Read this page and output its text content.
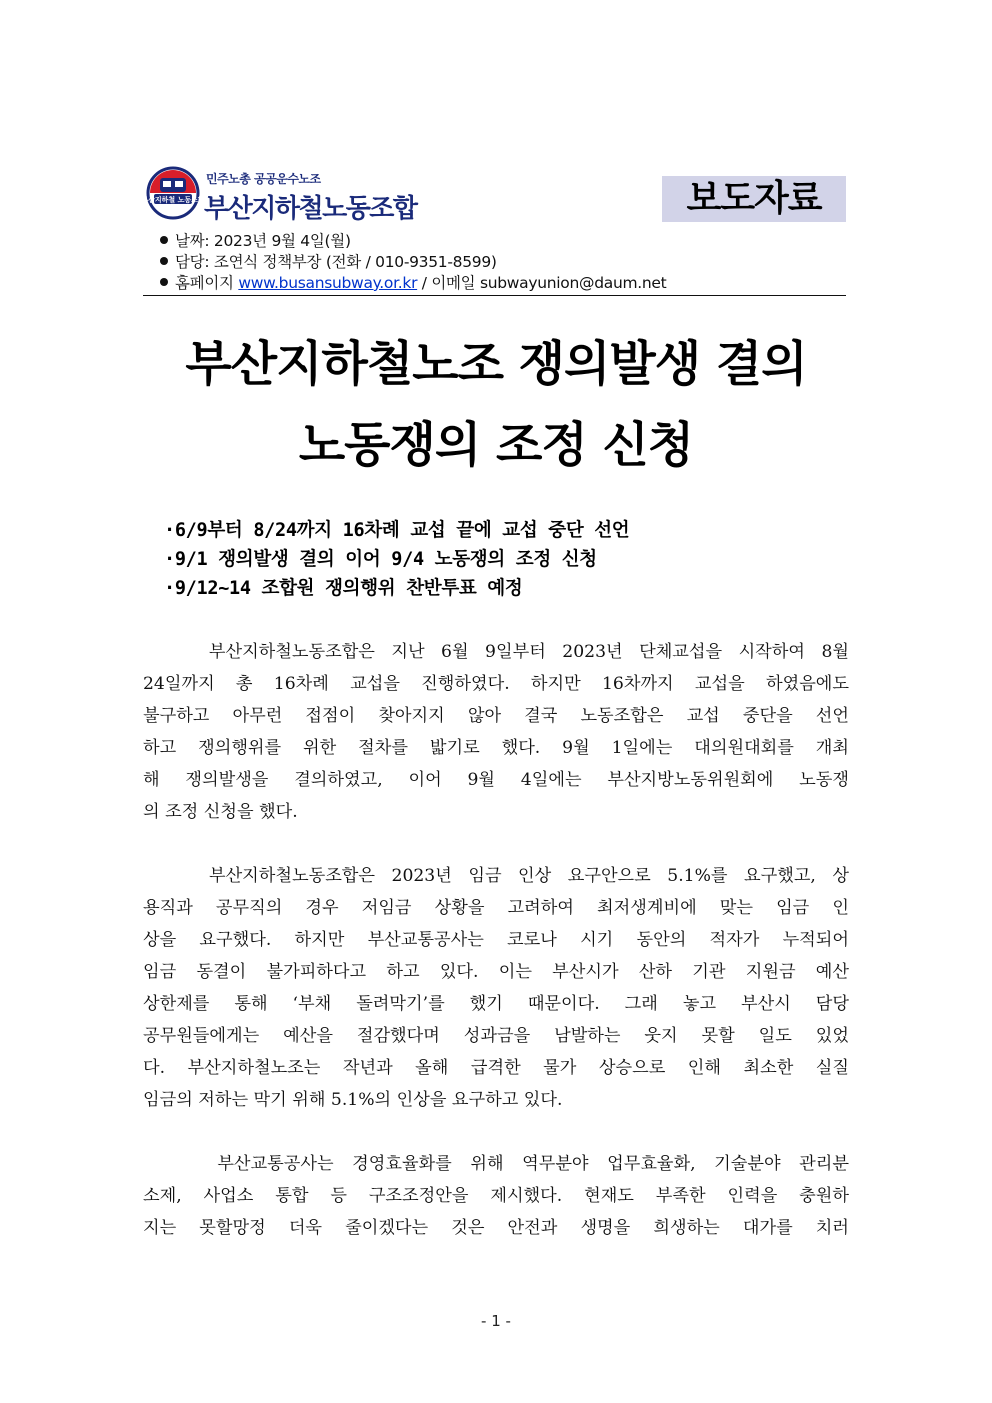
부산지하철 노동조합
민주노총 공공운수노조
부산지하철노동조합	보도자료
날짜: 2023년 9월 4일(월)
담당: 조연식 정책부장 (전화 / 010-9351-8599)
홈페이지 www.busansubway.or.kr / 이메일 subwayunion@daum.net
부산지하철노조 쟁의발생 결의
노동쟁의 조정 신청
·6/9부터 8/24까지 16차례 교섭 끝에 교섭 중단 선언
·9/1 쟁의발생 결의 이어 9/4 노동쟁의 조정 신청
·9/12~14 조합원 쟁의행위 찬반투표 예정
부산지하철노동조합은 지난 6월 9일부터 2023년 단체교섭을 시작하여 8월
24일까지 총 16차례 교섭을 진행하였다. 하지만 16차까지 교섭을 하였음에도
불구하고 아무런 접점이 찾아지지 않아 결국 노동조합은 교섭 중단을 선언
하고 쟁의행위를 위한 절차를 밟기로 했다. 9월 1일에는 대의원대회를 개최
해 쟁의발생을 결의하였고, 이어 9월 4일에는 부산지방노동위원회에 노동쟁
의 조정 신청을 했다.
부산지하철노동조합은 2023년 임금 인상 요구안으로 5.1%를 요구했고, 상
용직과 공무직의 경우 저임금 상황을 고려하여 최저생계비에 맞는 임금 인
상을 요구했다. 하지만 부산교통공사는 코로나 시기 동안의 적자가 누적되어
임금 동결이 불가피하다고 하고 있다. 이는 부산시가 산하 기관 지원금 예산
상한제를 통해 ‘부채 돌려막기’를 했기 때문이다. 그래 놓고 부산시 담당
공무원들에게는 예산을 절감했다며 성과금을 남발하는 웃지 못할 일도 있었
다. 부산지하철노조는 작년과 올해 급격한 물가 상승으로 인해 최소한 실질
임금의 저하는 막기 위해 5.1%의 인상을 요구하고 있다.
부산교통공사는 경영효율화를 위해 역무분야 업무효율화, 기술분야 관리분
소제, 사업소 통합 등 구조조정안을 제시했다. 현재도 부족한 인력을 충원하
지는 못할망정 더욱 줄이겠다는 것은 안전과 생명을 희생하는 대가를 치러
- 1 -
